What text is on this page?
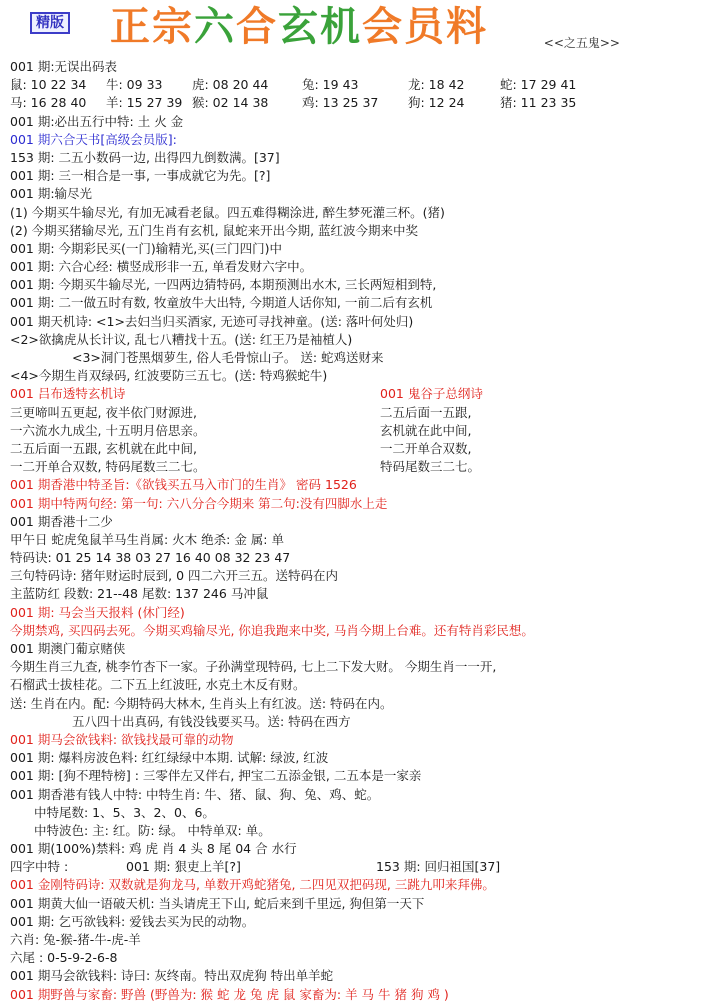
精版 正宗六合玄机会员料	<<之五鬼>>
001 期:无误出码表
鼠: 10 22 34	牛: 09 33	虎: 08 20 44	兔: 19 43	龙: 18 42	蛇: 17 29 41
马: 16 28 40	羊: 15 27 39 猴: 02 14 38	鸡: 13 25 37	狗: 12 24	猪: 11 23 35
001 期:必出五行中特: 土 火 金
001 期六合天书[高级会员版]:
153 期: 二五小数码一边, 出得四九倒数满。[37]
001 期: 三一相合是一事, 一事成就它为先。[?]
001 期:输尽光
(1) 今期买牛输尽光, 有加无减看老鼠。四五难得糊涂进, 醉生梦死灌三杯。(猪)
(2) 今期买猪输尽光, 五门生肖有玄机, 鼠蛇来开出今期, 蓝红波今期来中奖
001 期: 今期彩民买(一门)输精光,买(三门四门)中
001 期: 六合心经: 横竖成形非一五, 单看发财六字中。
001 期: 今期买牛输尽光, 一四两边猜特码, 本期预测出水木, 三长两短相到特,
001 期: 二一做五时有数, 牧童放牛大出特, 今期道人话你知, 一前二后有玄机
001 期天机诗: <1>去妇当归买酒家, 无迹可寻找神童。(送: 落叶何处归)
<2>欲擒虎从长计议, 乱七八糟找十五。(送: 红王乃是袖植人)
<3>洞门苍黑烟萝生, 俗人毛骨惊山子。 送: 蛇鸡送财来
<4>今期生肖双绿码, 红波要防三五七。(送: 特鸡猴蛇牛)
001 吕布透特玄机诗	001 鬼谷子总纲诗
三更啼叫五更起, 夜半依门财源进,	二五后面一五跟,
一六流水九成尘, 十五明月倍思亲。	玄机就在此中间,
二五后面一五跟, 玄机就在此中间,	一二开单合双数,
一二开单合双数, 特码尾数三二七。	特码尾数三二七。
001 期香港中特圣旨:《欲钱买五马入市门的生肖》 密码 1526
001 期中特两句经: 第一句: 六八分合今期来 第二句:没有四脚水上走
001 期香港十二少
甲午日 蛇虎兔鼠羊马生肖属: 火木 绝杀: 金 属: 单
特码诀: 01 25 14 38 03 27 16 40 08 32 23 47
三句特码诗: 猪年财运时辰到, 0 四二六开三五。送特码在内
主蓝防红 段数: 21--48 尾数: 137 246 马冲鼠
001 期: 马会当天报料 (休门经)
今期禁鸡, 买四码去死。今期买鸡输尽光, 你追我跑来中奖, 马肖今期上台难。还有特肖彩民想。
001 期澳门葡京赌侠
今期生肖三九查, 桃李竹杏下一家。子孙满堂现特码, 七上二下发大财。 今期生肖一一开,
石榴武士拔桂花。二下五上红波旺, 水克土木反有财。
送: 生肖在内。配: 今期特码大林木, 生肖头上有红波。送: 特码在内。
五八四十出真码, 有钱没钱要买马。送: 特码在西方
001 期马会欲钱料: 欲钱找最可靠的动物
001 期: 爆料房波色料: 红红绿绿中本期. 试解: 绿波, 红波
001 期: [狗不理特榜] : 三零伴左又伴右, 押宝二五添金银, 二五本是一家亲
001 期香港有钱人中特: 中特生肖: 牛、猪、鼠、狗、兔、鸡、蛇。
中特尾数: 1、5、3、2、0、6。
中特波色: 主: 红。防: 绿。 中特单双: 单。
001 期(100%)禁料: 鸡 虎 肖 4 头 8 尾 04 合 水行
四字中特 :	001 期: 狠吏上羊[?]	153 期: 回归祖国[37]
001 金刚特码诗: 双数就是狗龙马, 单数开鸡蛇猪兔, 二四见双把码现, 三跳九叩来拜佛。
001 期黄大仙一语破天机: 当头请虎王下山, 蛇后来到千里远, 狗但第一天下
001 期: 乞丐欲钱料: 爱钱去买为民的动物。
六肖: 兔-猴-猪-牛-虎-羊
六尾 : 0-5-9-2-6-8
001 期马会欲钱料: 诗曰: 灰终南。特出双虎狗 特出单羊蛇
001 期野兽与家畜: 野兽 (野兽为: 猴 蛇 龙 兔 虎 鼠 家畜为: 羊 马 牛 猪 狗 鸡 )
